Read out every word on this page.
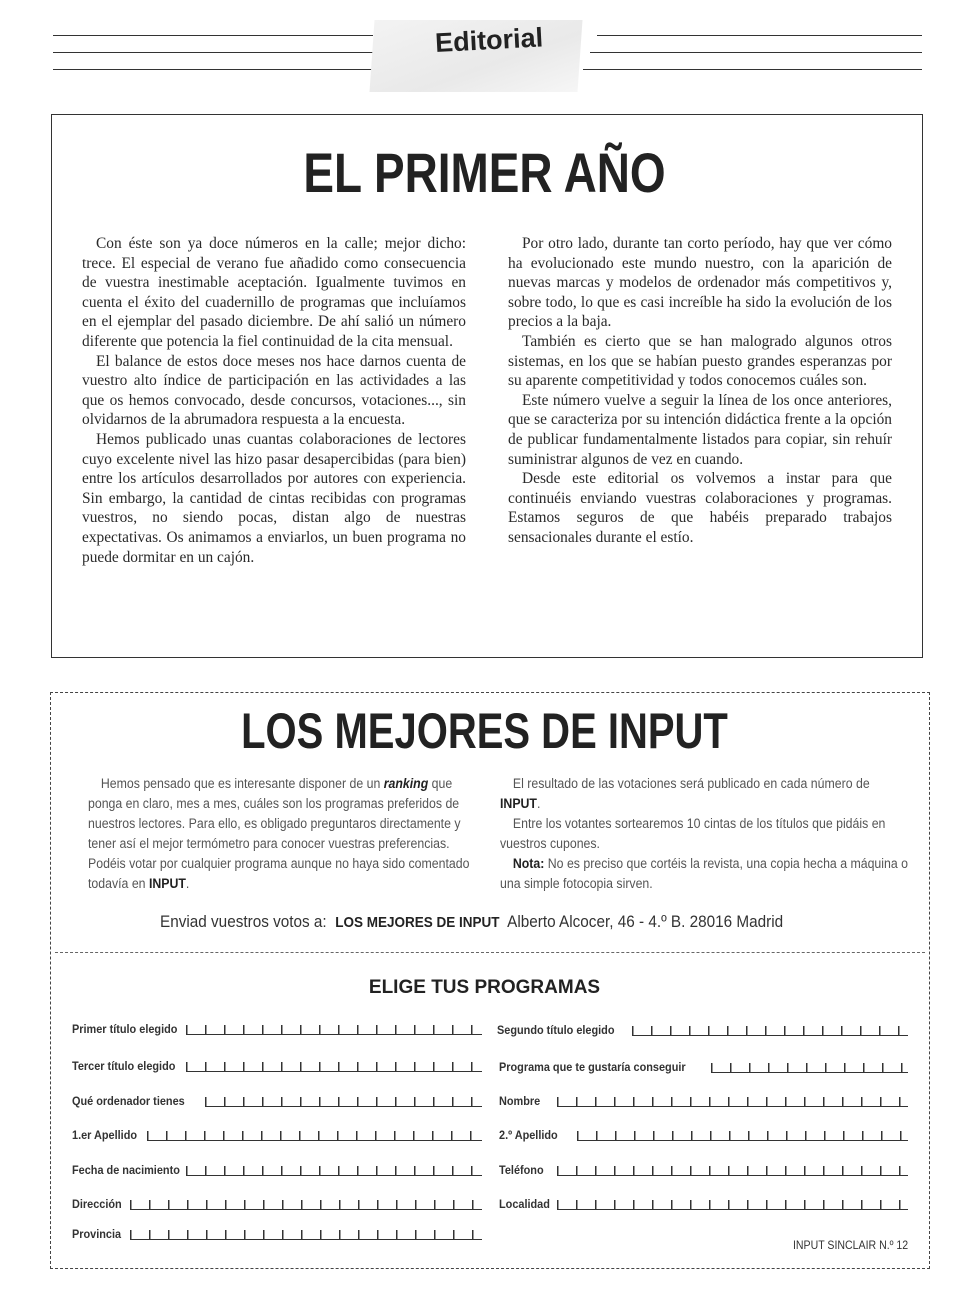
Editorial
EL PRIMER AÑO

Con éste son ya doce números en la calle; mejor dicho: trece. El especial de verano fue añadido como consecuencia de vuestra inestimable aceptación. Igualmente tuvimos en cuenta el éxito del cuadernillo de programas que incluíamos en el ejemplar del pasado diciembre. De ahí salió un número diferente que potencia la fiel continuidad de la cita mensual.

El balance de estos doce meses nos hace darnos cuenta de vuestro alto índice de participación en las actividades a las que os hemos convocado, desde concursos, votaciones..., sin olvidarnos de la abrumadora respuesta a la encuesta.

Hemos publicado unas cuantas colaboraciones de lectores cuyo excelente nivel las hizo pasar desapercibidas (para bien) entre los artículos desarrollados por autores con experiencia. Sin embargo, la cantidad de cintas recibidas con programas vuestros, no siendo pocas, distan algo de nuestras expectativas. Os animamos a enviarlos, un buen programa no puede dormitar en un cajón.

Por otro lado, durante tan corto período, hay que ver cómo ha evolucionado este mundo nuestro, con la aparición de nuevas marcas y modelos de ordenador más competitivos y, sobre todo, lo que es casi increíble ha sido la evolución de los precios a la baja.

También es cierto que se han malogrado algunos otros sistemas, en los que se habían puesto grandes esperanzas por su aparente competitividad y todos conocemos cuáles son.

Este número vuelve a seguir la línea de los once anteriores, que se caracteriza por su intención didáctica frente a la opción de publicar fundamentalmente listados para copiar, sin rehuír suministrar algunos de vez en cuando.

Desde este editorial os volvemos a instar para que continuéis enviando vuestras colaboraciones y programas. Estamos seguros de que habéis preparado trabajos sensacionales durante el estío.

LOS MEJORES DE INPUT

Hemos pensado que es interesante disponer de un ranking que ponga en claro, mes a mes, cuáles son los programas preferidos de nuestros lectores. Para ello, es obligado preguntaros directamente y tener así el mejor termómetro para conocer vuestras preferencias. Podéis votar por cualquier programa aunque no haya sido comentado todavía en INPUT.

El resultado de las votaciones será publicado en cada número de INPUT.

Entre los votantes sortearemos 10 cintas de los títulos que pidáis en vuestros cupones.

Nota: No es preciso que cortéis la revista, una copia hecha a máquina o una simple fotocopia sirven.

Enviad vuestros votos a: LOS MEJORES DE INPUT Alberto Alcocer, 46 - 4.º B. 28016 Madrid
ELIGE TUS PROGRAMAS
Primer título elegido	Segundo título elegido
Tercer título elegido	Programa que te gustaría conseguir
Qué ordenador tienes	Nombre
1.er Apellido	2.º Apellido
Fecha de nacimiento	Teléfono
Dirección	Localidad
Provincia
INPUT SINCLAIR N.º 12
